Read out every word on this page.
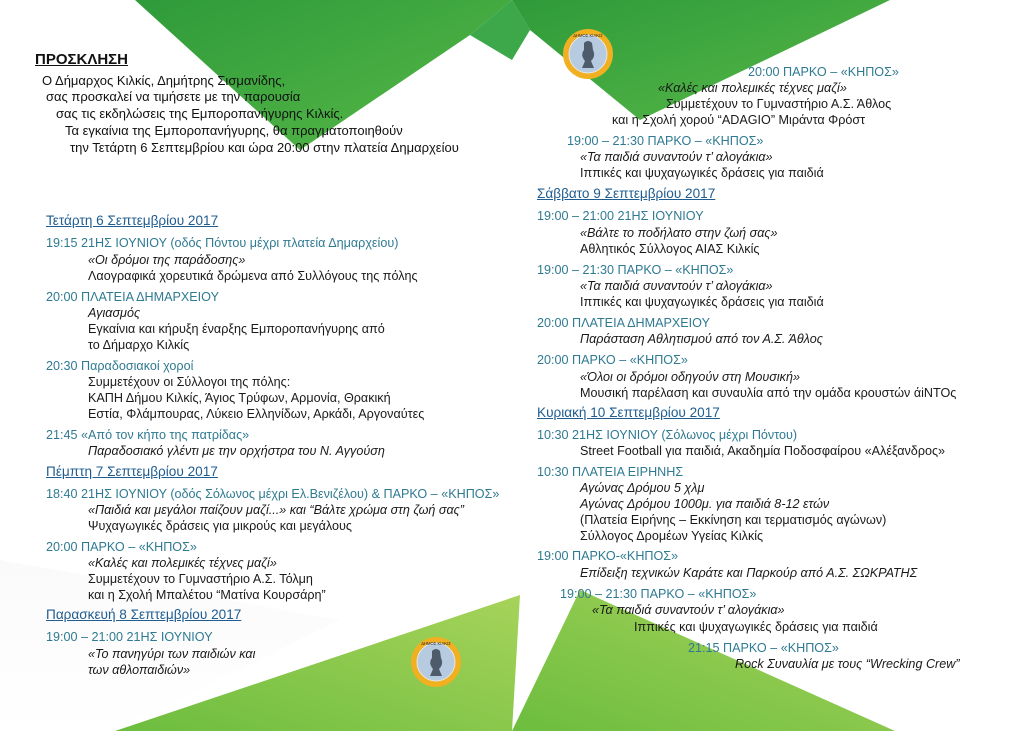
ΔΗΜΟΣ ΚΙΛΚΙΣ
ΔΗΜΟΣ ΚΙΛΚΙΣ
ΠΡΟΣΚΛΗΣΗ
Ο Δήμαρχος Κιλκίς, Δημήτρης Σισμανίδης,
σας προσκαλεί να τιμήσετε με την παρουσία
σας τις εκδηλώσεις της Εμποροπανήγυρης Κιλκίς.
Τα εγκαίνια της Εμποροπανήγυρης, θα πραγματοποιηθούν
την Τετάρτη 6 Σεπτεμβρίου και ώρα 20:00 στην πλατεία Δημαρχείου
Τετάρτη 6 Σεπτεμβρίου 2017
19:15 21ΗΣ ΙΟΥΝΙΟΥ (οδός Πόντου μέχρι πλατεία Δημαρχείου)
«Οι δρόμοι της παράδοσης»
Λαογραφικά χορευτικά δρώμενα από Συλλόγους της πόλης
20:00 ΠΛΑΤΕΙΑ ΔΗΜΑΡΧΕΙΟΥ
Αγιασμός
Εγκαίνια και κήρυξη έναρξης Εμποροπανήγυρης από
το Δήμαρχο Κιλκίς
20:30 Παραδοσιακοί χοροί
Συμμετέχουν οι Σύλλογοι της πόλης:
ΚΑΠΗ Δήμου Κιλκίς, Άγιος Τρύφων, Αρμονία, Θρακική
Εστία, Φλάμπουρας, Λύκειο Ελληνίδων, Αρκάδι, Αργοναύτες
21:45 «Από τον κήπο της πατρίδας»
Παραδοσιακό γλέντι με την ορχήστρα του Ν. Αγγούση
Πέμπτη 7 Σεπτεμβρίου 2017
18:40 21ΗΣ ΙΟΥΝΙΟΥ (οδός Σόλωνος μέχρι Ελ.Βενιζέλου) & ΠΑΡΚΟ – «ΚΗΠΟΣ»
«Παιδιά και μεγάλοι παίζουν μαζί...» και “Βάλτε χρώμα στη ζωή σας”
Ψυχαγωγικές δράσεις για μικρούς και μεγάλους
20:00 ΠΑΡΚΟ – «ΚΗΠΟΣ»
«Καλές και πολεμικές τέχνες μαζί»
Συμμετέχουν το Γυμναστήριο Α.Σ. Τόλμη
και η Σχολή Μπαλέτου “Ματίνα Κουρσάρη”
Παρασκευή 8 Σεπτεμβρίου 2017
19:00 – 21:00 21ΗΣ ΙΟΥΝΙΟΥ
«Το πανηγύρι των παιδιών και
των αθλοπαιδιών»
20:00 ΠΑΡΚΟ – «ΚΗΠΟΣ»
«Καλές και πολεμικές τέχνες μαζί»
Συμμετέχουν το Γυμναστήριο Α.Σ. Άθλος
και η Σχολή χορού “ADAGIO” Μιράντα Φρόστ
19:00 – 21:30 ΠΑΡΚΟ – «ΚΗΠΟΣ»
«Τα παιδιά συναντούν τ’ αλογάκια»
Ιππικές και ψυχαγωγικές δράσεις για παιδιά
Σάββατο 9 Σεπτεμβρίου 2017
19:00 – 21:00 21ΗΣ ΙΟΥΝΙΟΥ
«Βάλτε το ποδήλατο στην ζωή σας»
Αθλητικός Σύλλογος ΑΙΑΣ Κιλκίς
19:00 – 21:30 ΠΑΡΚΟ – «ΚΗΠΟΣ»
«Τα παιδιά συναντούν τ’ αλογάκια»
Ιππικές και ψυχαγωγικές δράσεις για παιδιά
20:00 ΠΛΑΤΕΙΑ ΔΗΜΑΡΧΕΙΟΥ
Παράσταση Αθλητισμού από τον Α.Σ. Άθλος
20:00 ΠΑΡΚΟ – «ΚΗΠΟΣ»
«Όλοι οι δρόμοι οδηγούν στη Μουσική»
Μουσική παρέλαση και συναυλία από την ομάδα κρουστών άiNTOς
Κυριακή 10 Σεπτεμβρίου 2017
10:30 21ΗΣ ΙΟΥΝΙΟΥ (Σόλωνος μέχρι Πόντου)
Street Football για παιδιά, Ακαδημία Ποδοσφαίρου «Αλέξανδρος»
10:30 ΠΛΑΤΕΙΑ ΕΙΡΗΝΗΣ
Αγώνας Δρόμου 5 χλμ
Αγώνας Δρόμου 1000μ. για παιδιά 8-12 ετών
(Πλατεία Ειρήνης – Εκκίνηση και τερματισμός αγώνων)
Σύλλογος Δρομέων Υγείας Κιλκίς
19:00 ΠΑΡΚΟ-«ΚΗΠΟΣ»
Επίδειξη τεχνικών Καράτε και Παρκούρ από Α.Σ. ΣΩΚΡΑΤΗΣ
19:00 – 21:30 ΠΑΡΚΟ – «ΚΗΠΟΣ»
«Τα παιδιά συναντούν τ’ αλογάκια»
Ιππικές και ψυχαγωγικές δράσεις για παιδιά
21:15 ΠΑΡΚΟ – «ΚΗΠΟΣ»
Rock Συναυλία με τους “Wrecking Crew”
